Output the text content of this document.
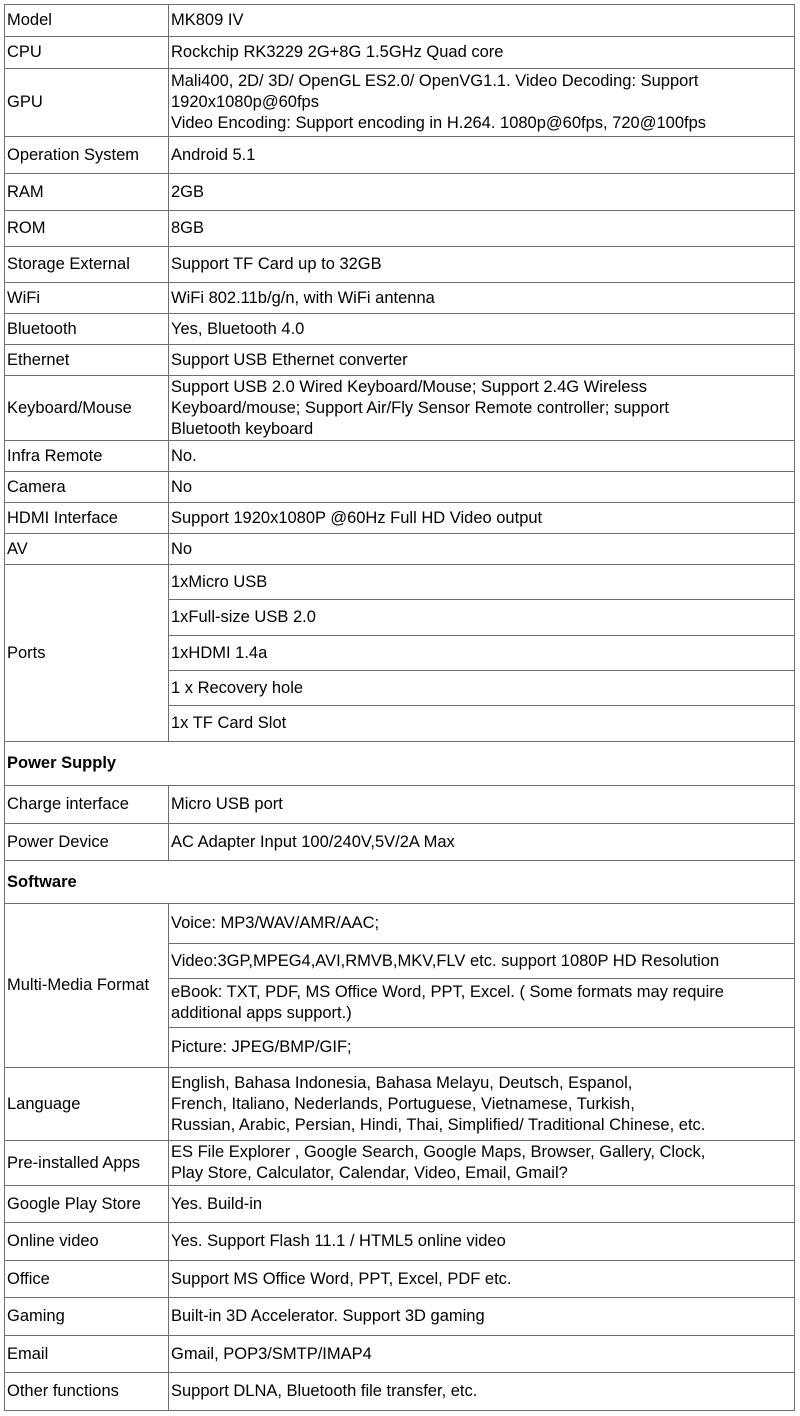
Model	MK809 IV

CPU	Rockchip RK3229 2G+8G 1.5GHz Quad core

GPU	Mali400, 2D/ 3D/ OpenGL ES2.0/ OpenVG1.1. Video Decoding: Support
1920x1080p@60fps
Video Encoding: Support encoding in H.264. 1080p@60fps, 720@100fps

Operation System	Android 5.1

RAM	2GB

ROM	8GB

Storage External	Support TF Card up to 32GB

WiFi	WiFi 802.11b/g/n, with WiFi antenna

Bluetooth	Yes, Bluetooth 4.0

Ethernet	Support USB Ethernet converter

Keyboard/Mouse	Support USB 2.0 Wired Keyboard/Mouse; Support 2.4G Wireless
Keyboard/mouse; Support Air/Fly Sensor Remote controller; support
Bluetooth keyboard

Infra Remote	No.

Camera	No

HDMI Interface	Support 1920x1080P @60Hz Full HD Video output

AV	No

Ports	1xMicro USB
	1xFull-size USB 2.0
	1xHDMI 1.4a
	1 x Recovery hole
	1x TF Card Slot
Power Supply	
Charge interface	Micro USB port

Power Device	AC Adapter Input 100/240V,5V/2A Max

Software	
Multi-Media Format	Voice: MP3/WAV/AMR/AAC;

	Video:3GP,MPEG4,AVI,RMVB,MKV,FLV etc. support 1080P HD Resolution

	eBook: TXT, PDF, MS Office Word, PPT, Excel. ( Some formats may require
additional apps support.)

	Picture: JPEG/BMP/GIF;

Language	English, Bahasa Indonesia, Bahasa Melayu, Deutsch, Espanol,
French, Italiano, Nederlands, Portuguese, Vietnamese, Turkish,
Russian, Arabic, Persian, Hindi, Thai, Simplified/ Traditional Chinese, etc.

Pre-installed Apps	ES File Explorer , Google Search, Google Maps, Browser, Gallery, Clock,
Play Store, Calculator, Calendar, Video, Email, Gmail?

Google Play Store	Yes. Build-in

Online video	Yes. Support Flash 11.1 / HTML5 online video

Office	Support MS Office Word, PPT, Excel, PDF etc.

Gaming	Built-in 3D Accelerator. Support 3D gaming

Email	Gmail, POP3/SMTP/IMAP4

Other functions	Support DLNA, Bluetooth file transfer, etc.
